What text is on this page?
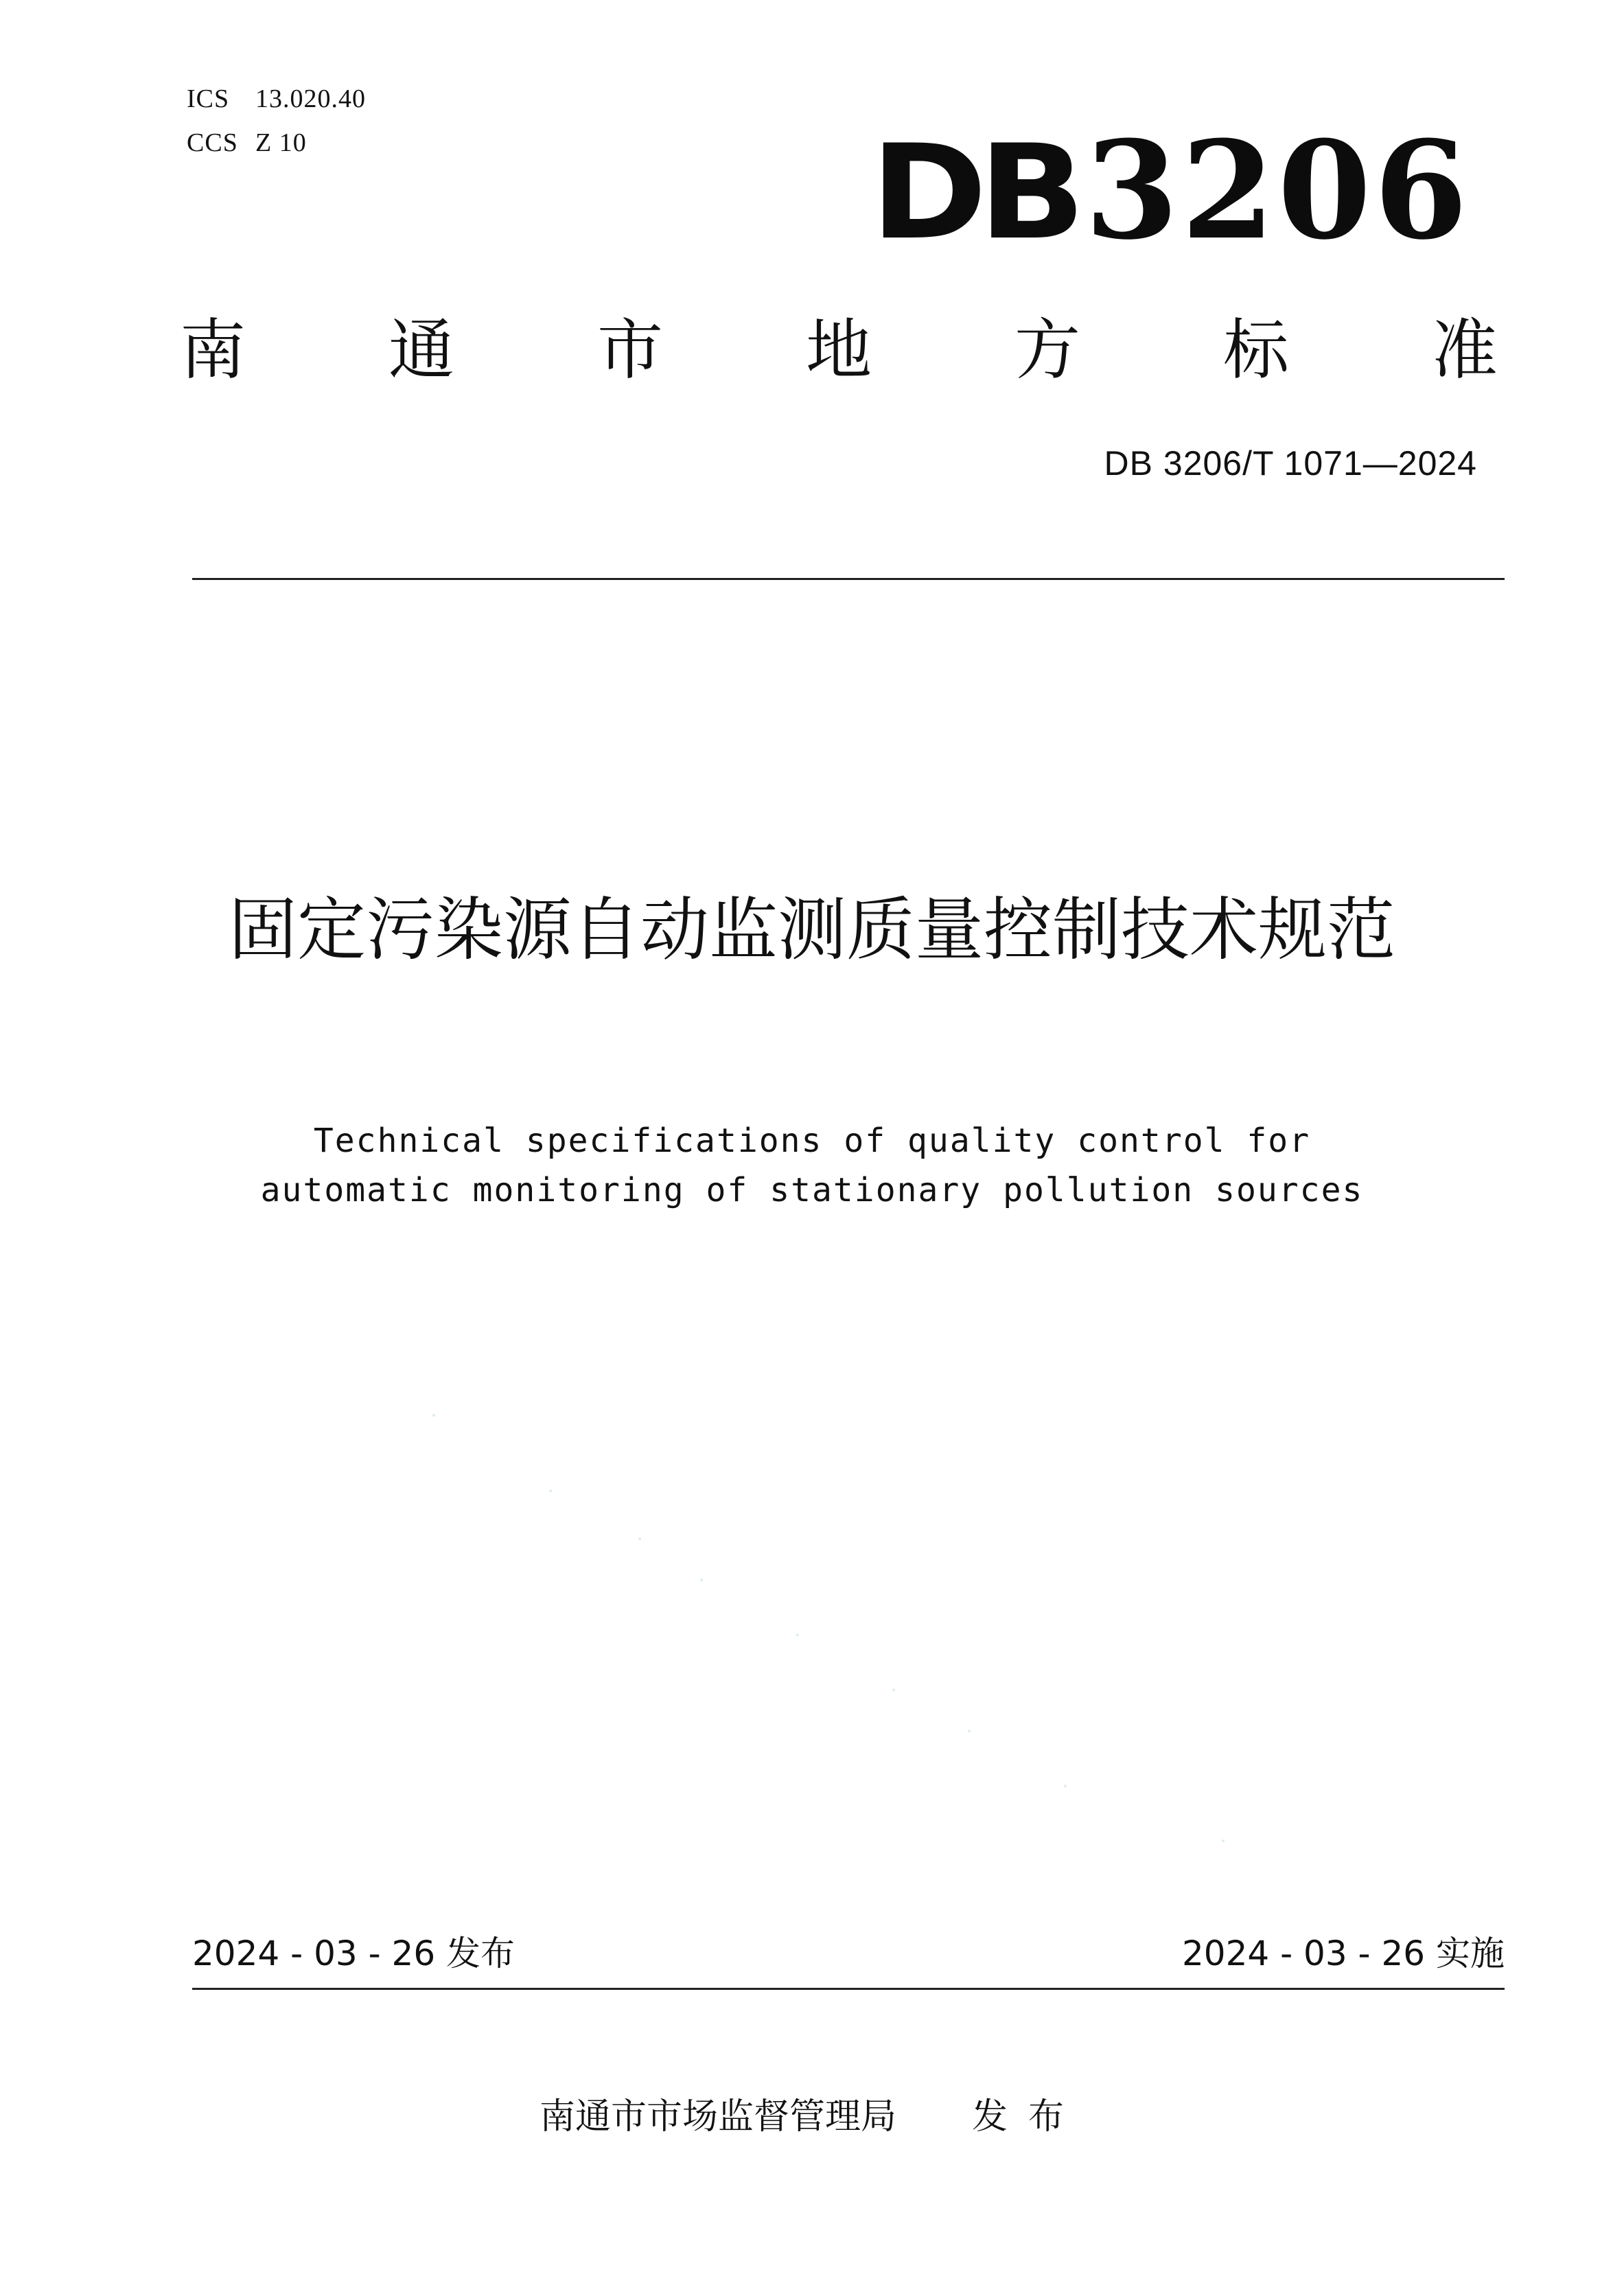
ICS 13.020.40
CCS Z 10	DB3206
南 通 市 地 方 标 准
DB 3206/T 1071—2024
固定污染源自动监测质量控制技术规范
Technical specifications of quality control for
automatic monitoring of stationary pollution sources
2024 - 03 - 26 发布	2024 - 03 - 26 实施
南通市市场监督管理局 发布
